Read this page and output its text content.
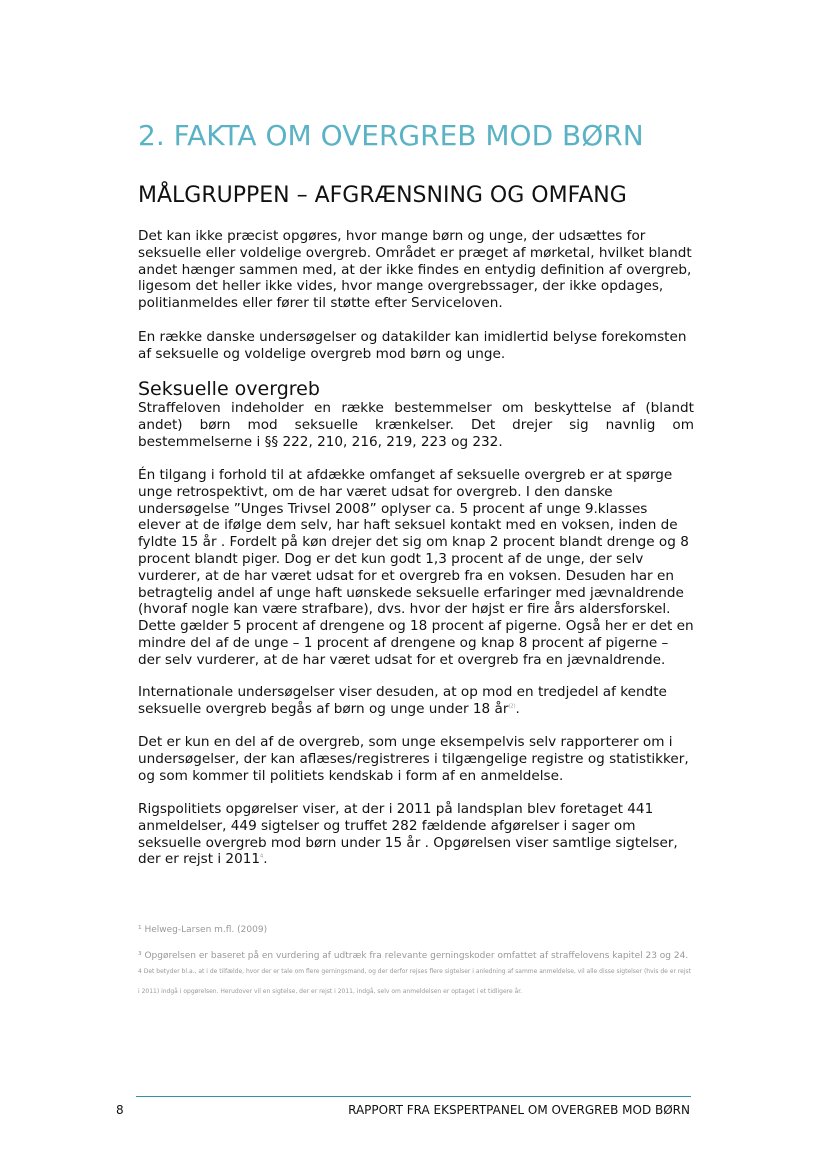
2. FAKTA OM OVERGREB MOD BØRN
MÅLGRUPPEN – AFGRÆNSNING OG OMFANG

Det kan ikke præcist opgøres, hvor mange børn og unge, der udsættes for seksuelle eller voldelige overgreb. Området er præget af mørketal, hvilket blandt andet hænger sammen med, at der ikke findes en entydig definition af overgreb, ligesom det heller ikke vides, hvor mange overgrebssager, der ikke opdages, politianmeldes eller fører til støtte efter Serviceloven.

En række danske undersøgelser og datakilder kan imidlertid belyse forekomsten af seksuelle og voldelige overgreb mod børn og unge.

Seksuelle overgreb

Straffeloven indeholder en række bestemmelser om beskyttelse af (blandt andet) børn mod seksuelle krænkelser. Det drejer sig navnlig om bestemmelserne i §§ 222, 210, 216, 219, 223 og 232.

Én tilgang i forhold til at afdække omfanget af seksuelle overgreb er at spørge unge retrospektivt, om de har været udsat for overgreb. I den danske undersøgelse ”Unges Trivsel 2008” oplyser ca. 5 procent af unge 9.klasses elever at de ifølge dem selv, har haft seksuel kontakt med en voksen, inden de fyldte 15 år . Fordelt på køn drejer det sig om knap 2 procent blandt drenge og 8 procent blandt piger. Dog er det kun godt 1,3 procent af de unge, der selv vurderer, at de har været udsat for et overgreb fra en voksen. Desuden har en betragtelig andel af unge haft uønskede seksuelle erfaringer med jævnaldrende (hvoraf nogle kan være strafbare), dvs. hvor der højst er fire års aldersforskel. Dette gælder 5 procent af drengene og 18 procent af pigerne. Også her er det en mindre del af de unge – 1 procent af drengene og knap 8 procent af pigerne – der selv vurderer, at de har været udsat for et overgreb fra en jævnaldrende.

Internationale undersøgelser viser desuden, at op mod en tredjedel af kendte seksuelle overgreb begås af børn og unge under 18 år$^{(2)}$.

Det er kun en del af de overgreb, som unge eksempelvis selv rapporterer om i undersøgelser, der kan aflæses/registreres i tilgængelige registre og statistikker, og som kommer til politiets kendskab i form af en anmeldelse.

Rigspolitiets opgørelser viser, at der i 2011 på landsplan blev foretaget 441 anmeldelser, 449 sigtelser og truffet 282 fældende afgørelser i sager om seksuelle overgreb mod børn under 15 år . Opgørelsen viser samtlige sigtelser, der er rejst i 2011$^4$.

¹ Helweg-Larsen m.fl. (2009)

³ Opgørelsen er baseret på en vurdering af udtræk fra relevante gerningskoder omfattet af straffelovens kapitel 23 og 24.

4 Det betyder bl.a., at i de tilfælde, hvor der er tale om flere gerningsmand, og der derfor rejses flere sigtelser i anledning af samme anmeldelse, vil alle disse sigtelser (hvis de er rejst i 2011) indgå i opgørelsen. Herudover vil en sigtelse, der er rejst i 2011, indgå, selv om anmeldelsen er optaget i et tidligere år.

8	RAPPORT FRA EKSPERTPANEL OM OVERGREB MOD BØRN
